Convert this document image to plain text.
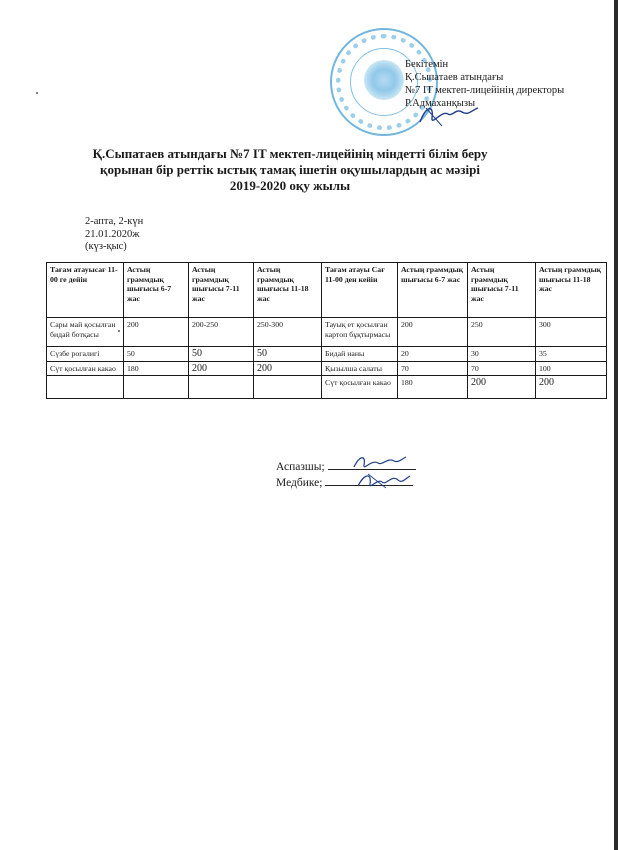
Бекітемін
Қ.Сыпатаев атындағы
№7 IT мектеп-лицейінің директоры
Р.Адмаханқызы
Қ.Сыпатаев атындағы №7 IT мектеп-лицейінің міндетті білім беру
қорынан бір реттік ыстық тамақ ішетін оқушылардың ас мәзірі
2019-2020 оқу жылы
2-апта, 2-күн
21.01.2020ж
(күз-қыс)
Тағам атауысағ 11-00 ге дейін	Астың граммдық шығысы 6-7 жас	Астың граммдық шығысы 7-11 жас	Астың граммдық шығысы 11-18 жас	Тағам атауы Сағ 11-00 ден кейін	Астың граммдық шығысы 6-7 жас	Астың граммдық шығысы 7-11 жас	Астың граммдық шығысы 11-18 жас
Сары май қосылған бидай ботқасы	200	200-250	250-300	Тауық ет қосылған картоп бұқтырмасы	200	250	300
Сүзбе рогалигі	50	50	50	Бидай наны	20	30	35
Сүт қосылған какао	180	200	200	Қызылша салаты	70	70	100
				Сүт қосылған какао	180	200	200
Аспазшы;
Медбике;
